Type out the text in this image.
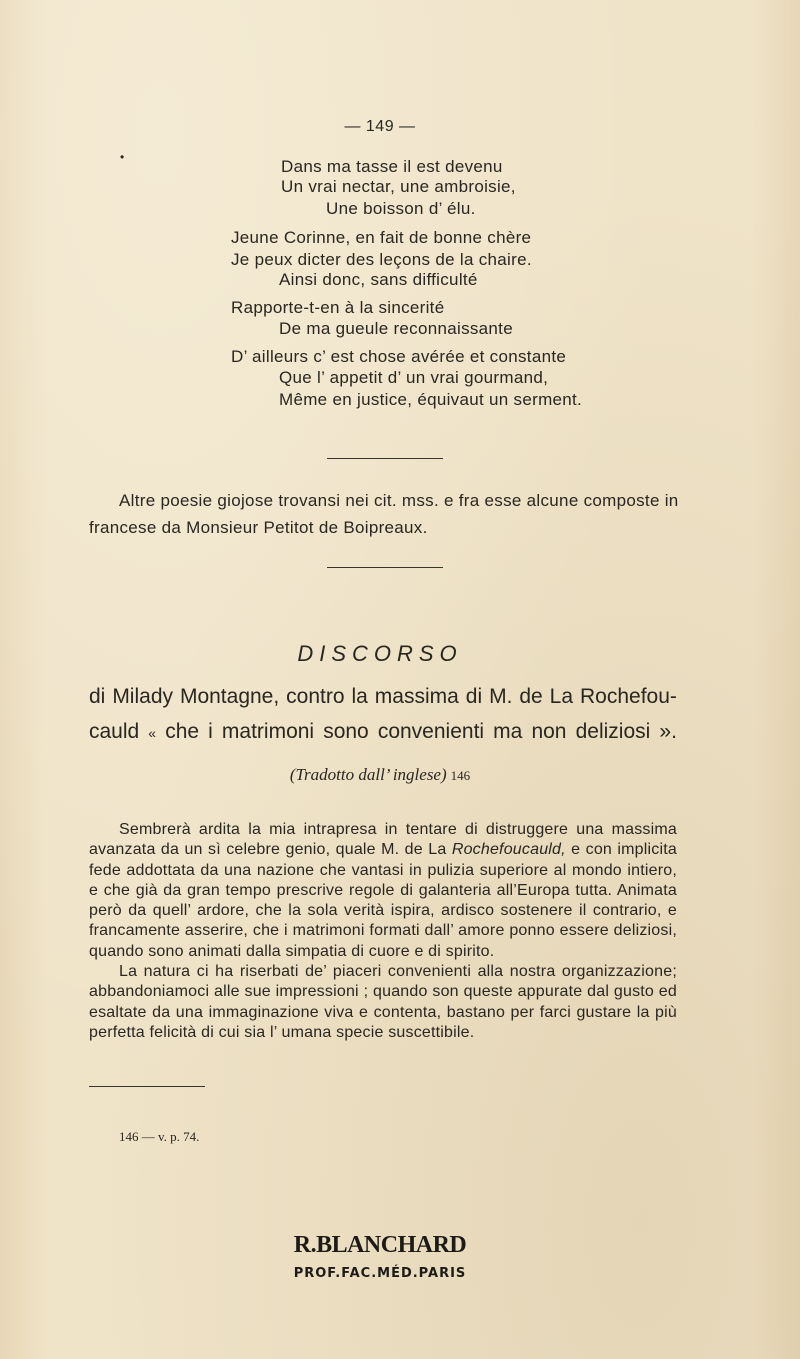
— 149 —
•	Dans ma tasse il est devenu
Un vrai nectar, une ambroisie,
Une boisson d’ élu.
Jeune Corinne, en fait de bonne chère
Je peux dicter des leçons de la chaire.
Ainsi donc, sans difficulté
Rapporte-t-en à la sincerité
De ma gueule reconnaissante
D’ ailleurs c’ est chose avérée et constante
Que l’ appetit d’ un vrai gourmand,
Même en justice, équivaut un serment.
Altre poesie giojose trovansi nei cit. mss. e fra esse alcune composte in
francese da Monsieur Petitot de Boipreaux.
DISCORSO
di Milady Montagne, contro la massima di M. de La Rochefou-
cauld « che i matrimoni sono convenienti ma non deliziosi ».
(Tradotto dall’ inglese) 146

Sembrerà ardita la mia intrapresa in tentare di distruggere una massima avanzata da un sì celebre genio, quale M. de La Rochefoucauld, e con implicita fede addottata da una nazione che vantasi in pulizia superiore al mondo intiero, e che già da gran tempo prescrive regole di galanteria all’Europa tutta. Animata però da quell’ ardore, che la sola verità ispira, ardisco sostenere il contrario, e francamente asserire, che i matrimoni formati dall’ amore ponno essere deliziosi, quando sono animati dalla simpatia di cuore e di spirito.

La natura ci ha riserbati de’ piaceri convenienti alla nostra organizzazione; abbandoniamoci alle sue impressioni ; quando son queste appurate dal gusto ed esaltate da una immaginazione viva e contenta, bastano per farci gustare la più perfetta felicità di cui sia l’ umana specie suscettibile.

146 — v. p. 74.
R.BLANCHARD
PROF.FAC.MÉD.PARIS
